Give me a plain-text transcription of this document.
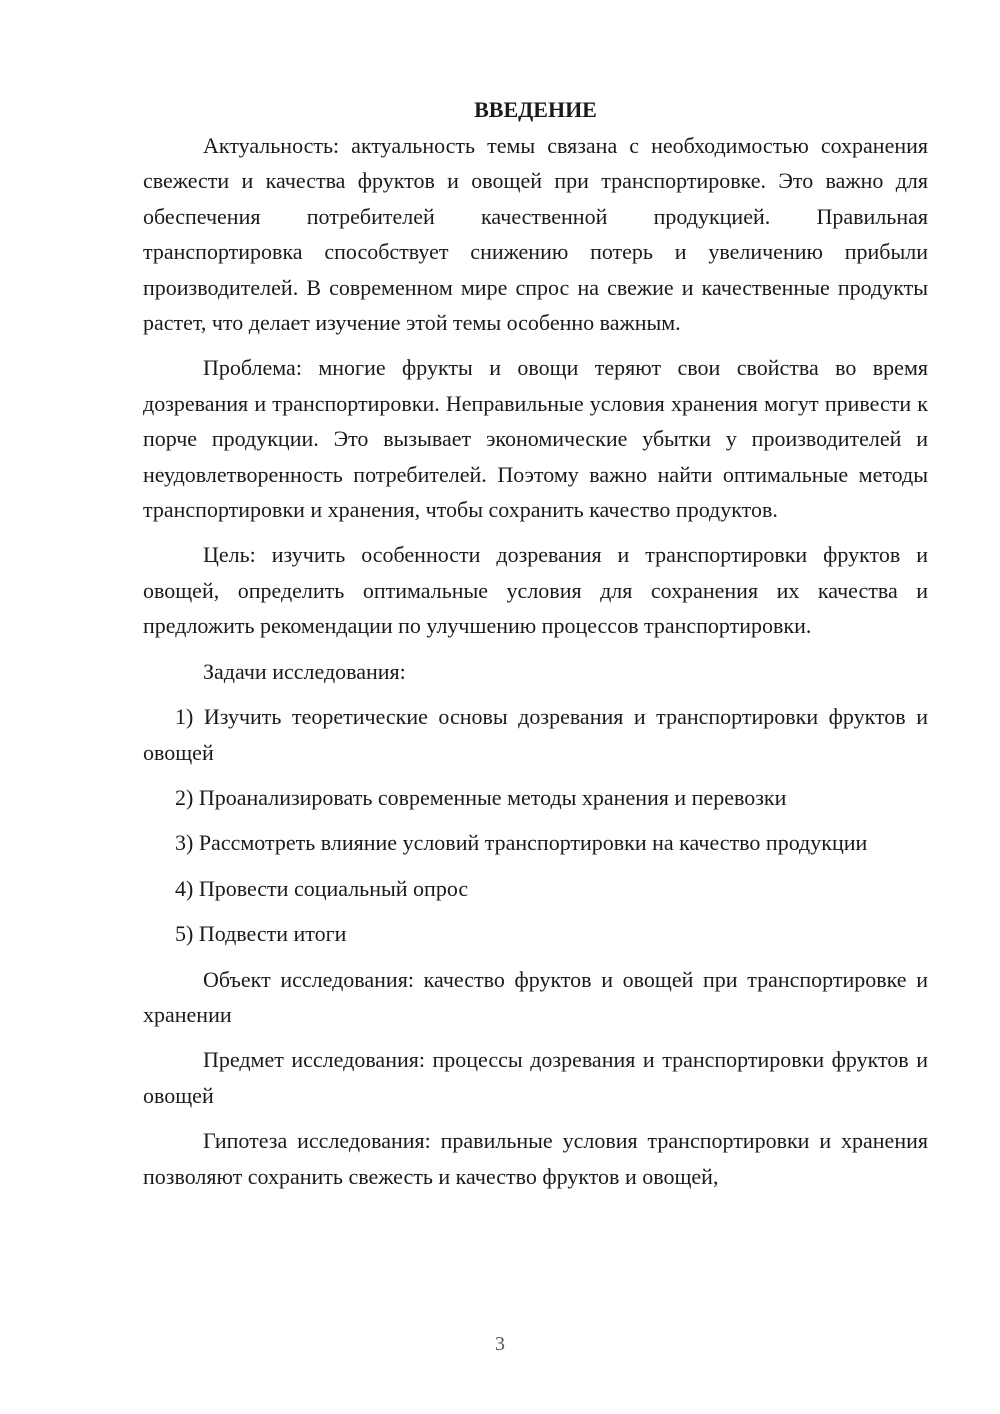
ВВЕДЕНИЕ

Актуальность: актуальность темы связана с необходимостью сохранения свежести и качества фруктов и овощей при транспортировке. Это важно для обеспечения потребителей качественной продукцией. Правильная транспортировка способствует снижению потерь и увеличению прибыли производителей. В современном мире спрос на свежие и качественные продукты растет, что делает изучение этой темы особенно важным.

Проблема: многие фрукты и овощи теряют свои свойства во время дозревания и транспортировки. Неправильные условия хранения могут привести к порче продукции. Это вызывает экономические убытки у производителей и неудовлетворенность потребителей. Поэтому важно найти оптимальные методы транспортировки и хранения, чтобы сохранить качество продуктов.

Цель: изучить особенности дозревания и транспортировки фруктов и овощей, определить оптимальные условия для сохранения их качества и предложить рекомендации по улучшению процессов транспортировки.

Задачи исследования:

1) Изучить теоретические основы дозревания и транспортировки фруктов и овощей

2) Проанализировать современные методы хранения и перевозки

3) Рассмотреть влияние условий транспортировки на качество продукции

4) Провести социальный опрос

5) Подвести итоги

Объект исследования: качество фруктов и овощей при транспортировке и хранении

Предмет исследования: процессы дозревания и транспортировки фруктов и овощей

Гипотеза исследования: правильные условия транспортировки и хранения позволяют сохранить свежесть и качество фруктов и овощей,

3
